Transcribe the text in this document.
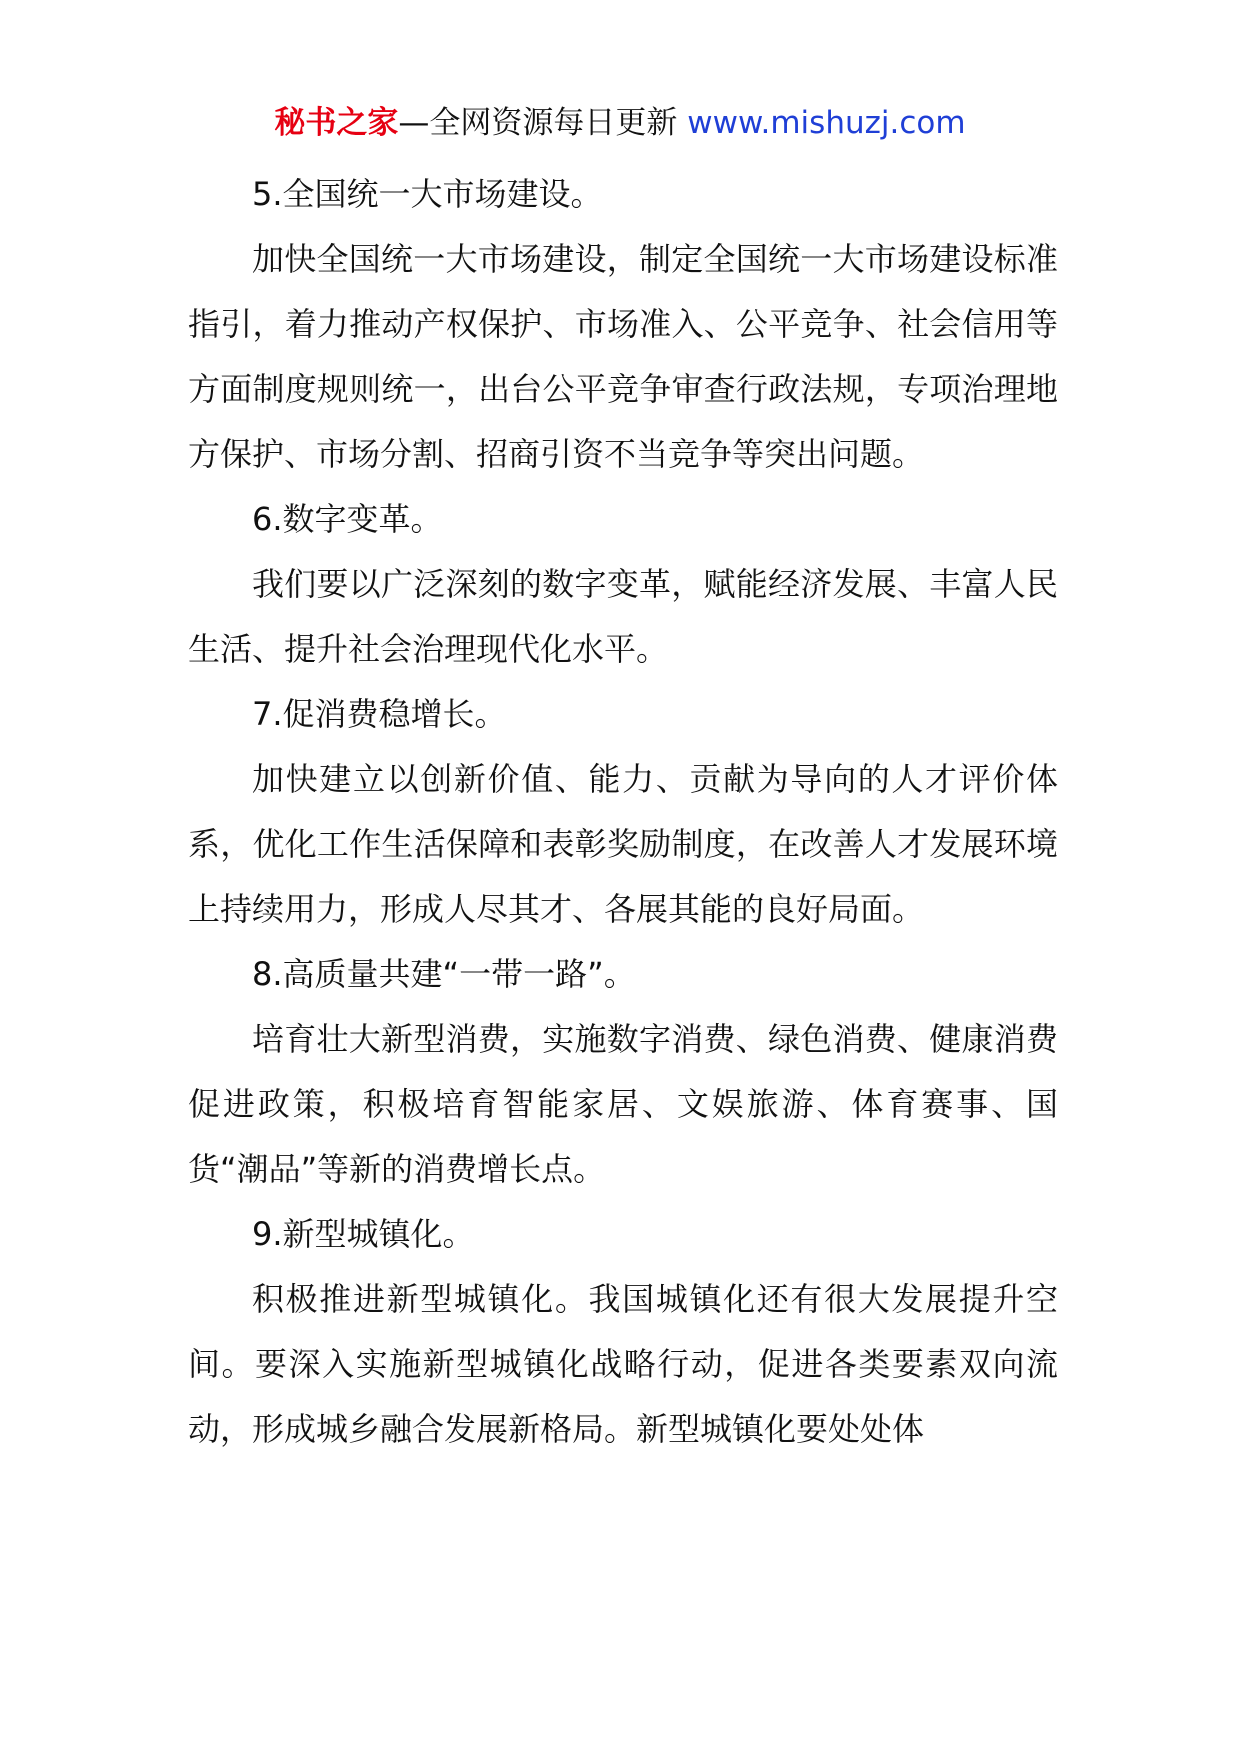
秘书之家—全网资源每日更新 www.mishuzj.com

5.全国统一大市场建设。

加快全国统一大市场建设，制定全国统一大市场建设标准指引，着力推动产权保护、市场准入、公平竞争、社会信用等方面制度规则统一，出台公平竞争审查行政法规，专项治理地方保护、市场分割、招商引资不当竞争等突出问题。

6.数字变革。

我们要以广泛深刻的数字变革，赋能经济发展、丰富人民生活、提升社会治理现代化水平。

7.促消费稳增长。

加快建立以创新价值、能力、贡献为导向的人才评价体系，优化工作生活保障和表彰奖励制度，在改善人才发展环境上持续用力，形成人尽其才、各展其能的良好局面。

8.高质量共建“一带一路”。

培育壮大新型消费，实施数字消费、绿色消费、健康消费促进政策，积极培育智能家居、文娱旅游、体育赛事、国货“潮品”等新的消费增长点。

9.新型城镇化。

积极推进新型城镇化。我国城镇化还有很大发展提升空间。要深入实施新型城镇化战略行动，促进各类要素双向流动，形成城乡融合发展新格局。新型城镇化要处处体
